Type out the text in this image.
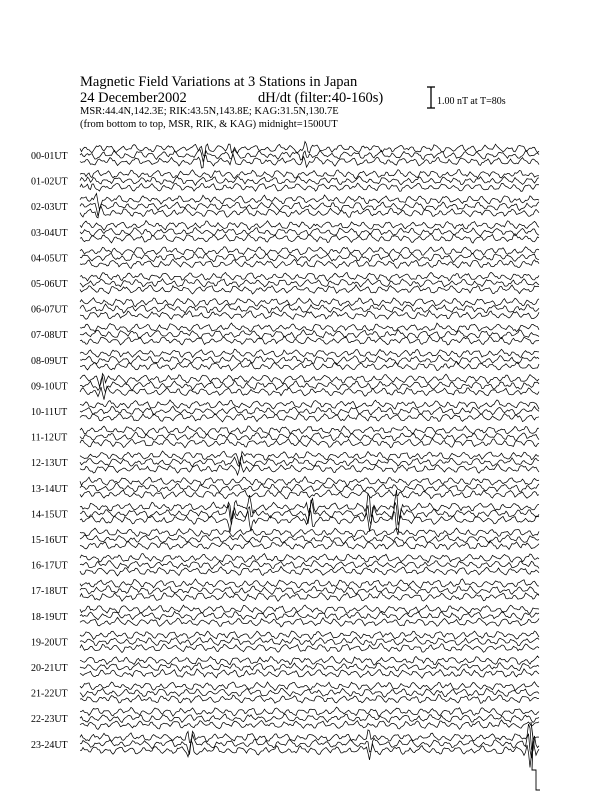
Magnetic Field Variations at 3 Stations in Japan
24 December2002	dH/dt (filter:40-160s)
MSR:44.4N,142.3E; RIK:43.5N,143.8E; KAG:31.5N,130.7E
(from bottom to top, MSR, RIK, & KAG) midnight=1500UT
1.00 nT at T=80s
00-01UT
01-02UT
02-03UT
03-04UT
04-05UT
05-06UT
06-07UT
07-08UT
08-09UT
09-10UT
10-11UT
11-12UT
12-13UT
13-14UT
14-15UT
15-16UT
16-17UT
17-18UT
18-19UT
19-20UT
20-21UT
21-22UT
22-23UT
23-24UT
